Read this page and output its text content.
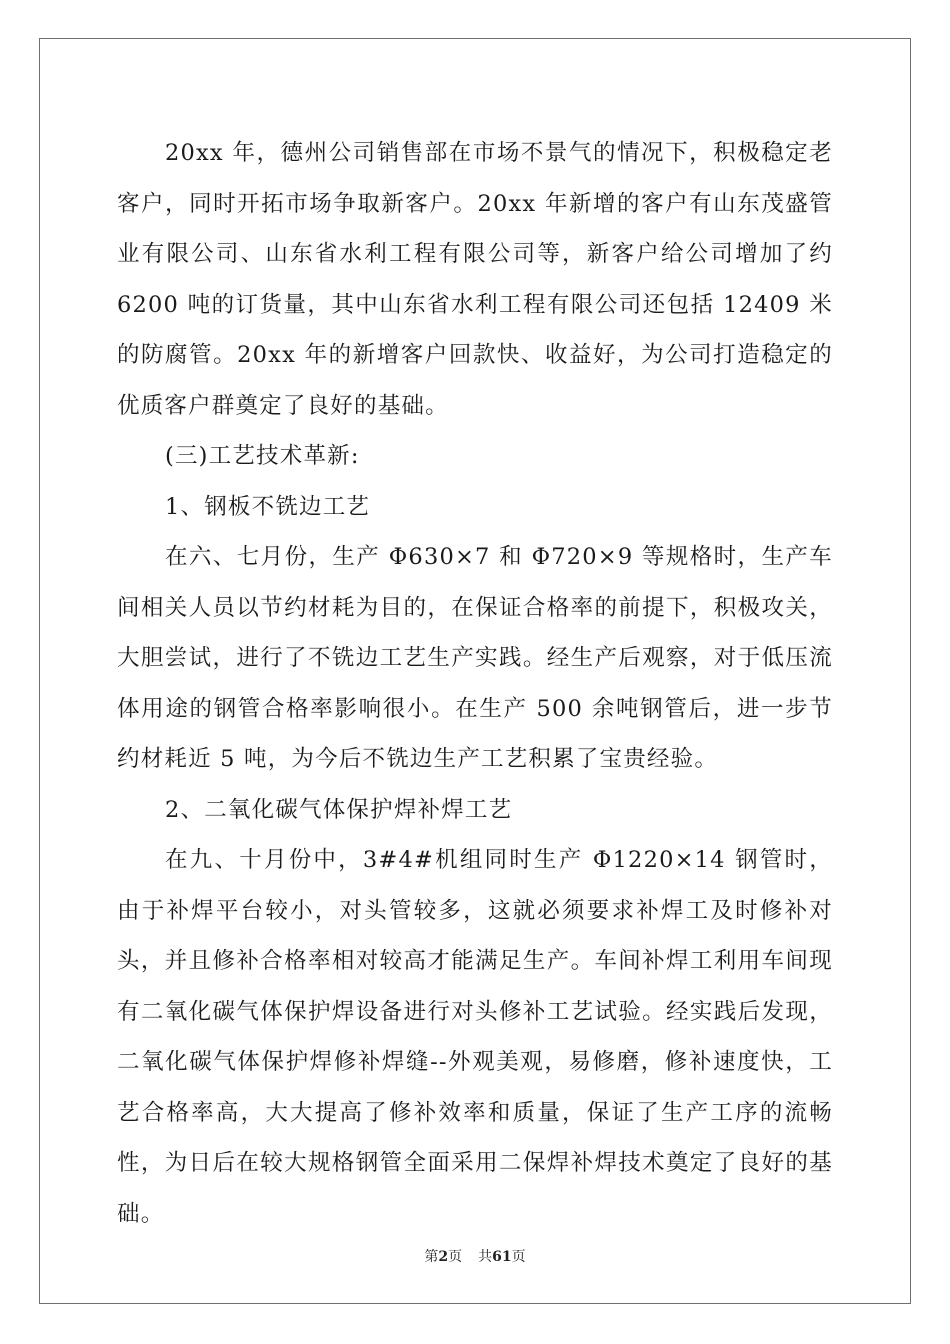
20xx 年，德州公司销售部在市场不景气的情况下，积极稳定老客户，同时开拓市场争取新客户。20xx 年新增的客户有山东茂盛管业有限公司、山东省水利工程有限公司等，新客户给公司增加了约 6200 吨的订货量，其中山东省水利工程有限公司还包括 12409 米的防腐管。20xx 年的新增客户回款快、收益好，为公司打造稳定的优质客户群奠定了良好的基础。

(三)工艺技术革新:

1、钢板不铣边工艺

在六、七月份，生产 Φ630×7 和 Φ720×9 等规格时，生产车间相关人员以节约材耗为目的，在保证合格率的前提下，积极攻关，大胆尝试，进行了不铣边工艺生产实践。经生产后观察，对于低压流体用途的钢管合格率影响很小。在生产 500 余吨钢管后，进一步节约材耗近 5 吨，为今后不铣边生产工艺积累了宝贵经验。

2、二氧化碳气体保护焊补焊工艺

在九、十月份中，3#4#机组同时生产 Φ1220×14 钢管时，由于补焊平台较小，对头管较多，这就必须要求补焊工及时修补对头，并且修补合格率相对较高才能满足生产。车间补焊工利用车间现有二氧化碳气体保护焊设备进行对头修补工艺试验。经实践后发现，二氧化碳气体保护焊修补焊缝--外观美观，易修磨，修补速度快，工艺合格率高，大大提高了修补效率和质量，保证了生产工序的流畅性，为日后在较大规格钢管全面采用二保焊补焊技术奠定了良好的基础。

第2页 共61页
